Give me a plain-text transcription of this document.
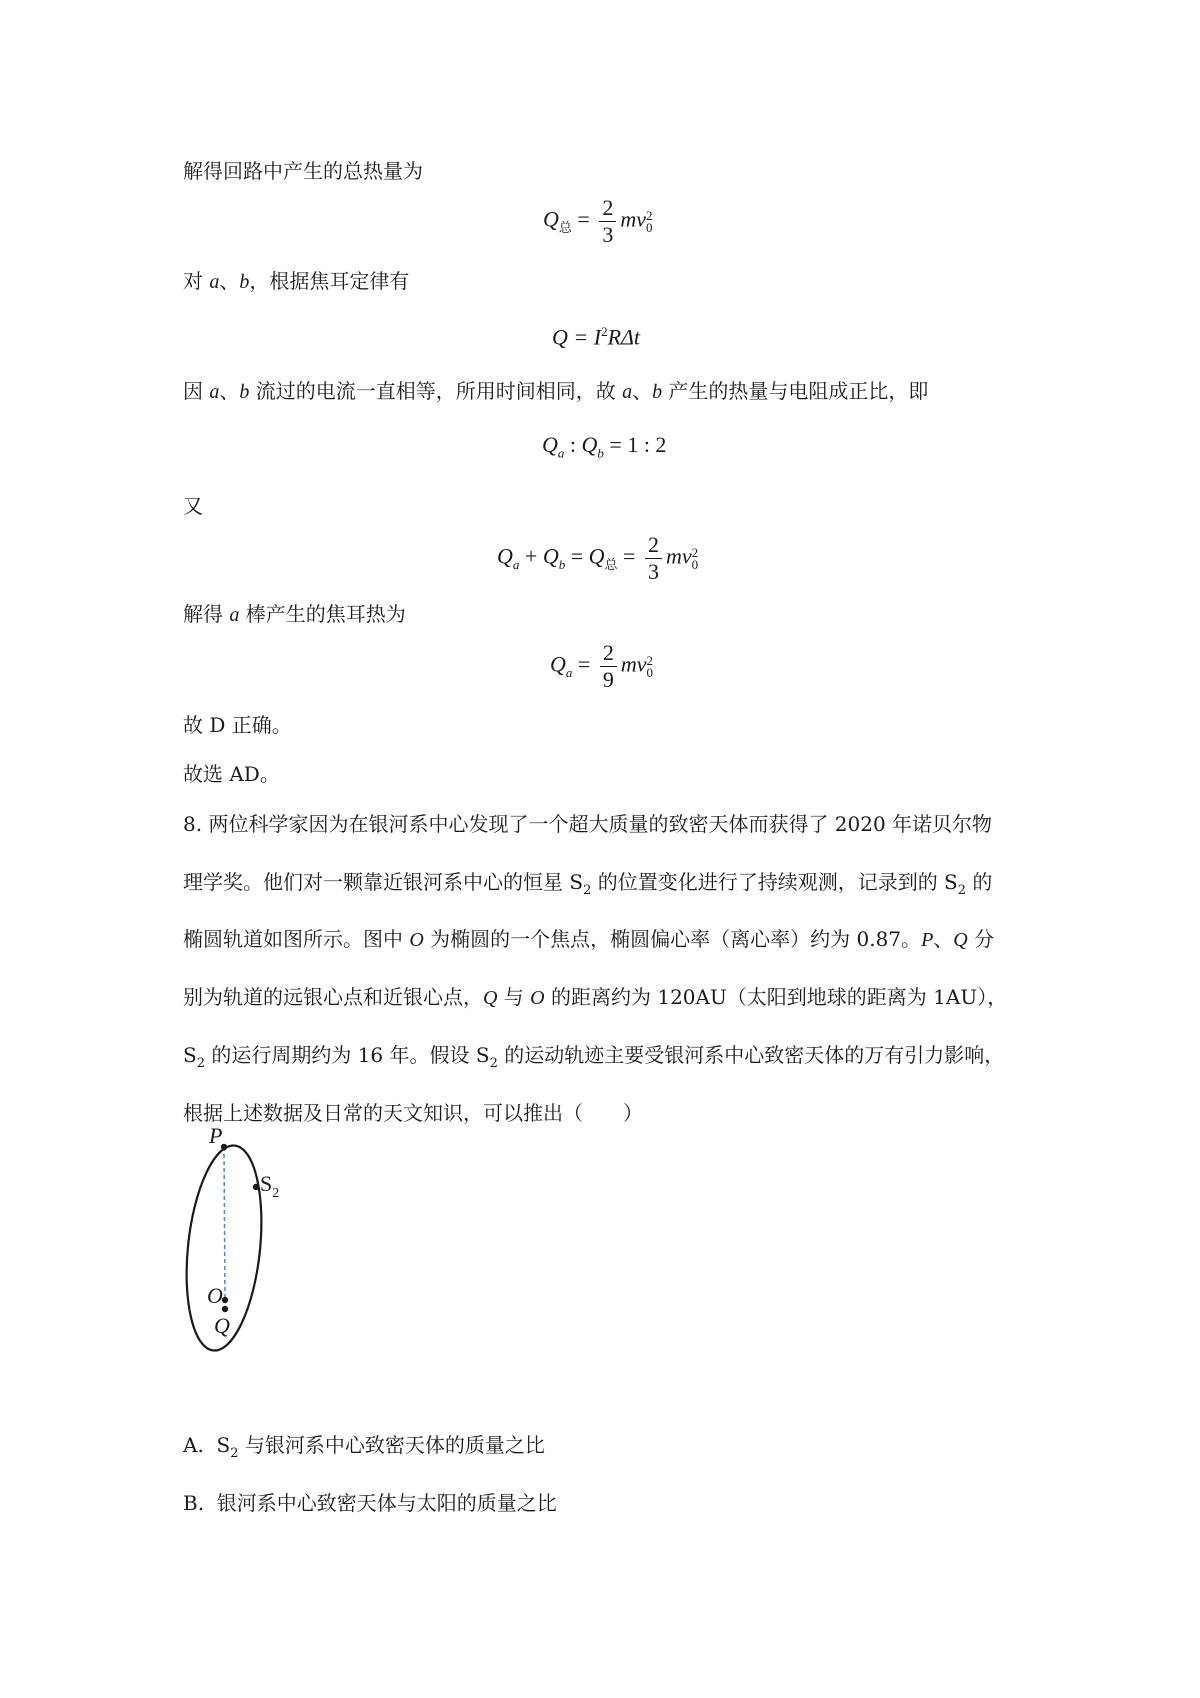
解得回路中产生的总热量为
$Q_总 = \frac{2}{3}$ mv 2
0
对 a、b，根据焦耳定律有
$Q = I^2R\Delta t$
因 a、b 流过的电流一直相等，所用时间相同，故 a、b 产生的热量与电阻成正比，即
$Q_a$ : $Q_b = 1$ : 2
又
$Q_a + Q_b = Q_总 = \frac{2}{3}$ mv 2
0
解得 a 棒产生的焦耳热为
$Q_a = \frac{2}{9}$ mv 2
0
故 D 正确。
故选 AD。
8. 两位科学家因为在银河系中心发现了一个超大质量的致密天体而获得了 2020 年诺贝尔物
理学奖。他们对一颗靠近银河系中心的恒星 $S_2$ 的位置变化进行了持续观测，记录到的 $S_2$ 的
椭圆轨道如图所示。图中 O 为椭圆的一个焦点，椭圆偏心率（离心率）约为 0.87。P、Q 分
别为轨道的远银心点和近银心点，Q 与 O 的距离约为 120AU（太阳到地球的距离为 1AU），
$S_2$ 的运行周期约为 16 年。假设 $S_2$ 的运动轨迹主要受银河系中心致密天体的万有引力影响，
根据上述数据及日常的天文知识，可以推出（　　）
P
$S_2$
O
Q
A. $S_2$ 与银河系中心致密天体的质量之比
B. 银河系中心致密天体与太阳的质量之比
